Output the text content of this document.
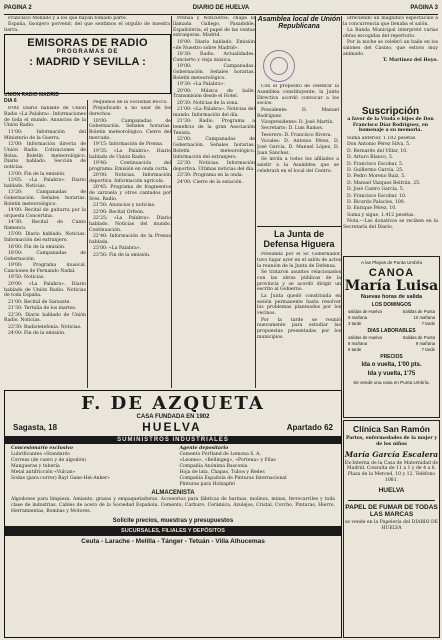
PAGINA 2	DIARIO DE HUELVA	PAGINA 3

Francisco Mellado y a los que hayan tomado parte.

España, lisonjero porvenir, del que sentimos el orgullo de nuestra tierra.

EMISORAS DE RADIO
PROGRAMAS DE
: MADRID Y SEVILLA :
UNION RADIO MADRID
DIA 6

8'00: Diario hablado de Unión Radio «La Palabra». Informaciones de toda el mundo. Anuncios de la Unión Radio.

11'00: Información del Ministerio de la Guerra.

12'00: Información directa de Unión Radio. Cotizaciones de Bolsa. Boletín meteorológico. Diario hablado. Sección de noticias.

13'00: Fin de la emisión.

13'05: «La Palabra». Diario hablado. Noticias.

13'20: Campanadas de Gobernación. Señales horarias. Boletín meteorológico.

14'00: Recital de guitarra por la orquesta Concertina.

14'30: Recital de Canto flamenco.

15'00: Diario hablado. Noticias. Información del extranjero.

16'00: Fin de la emisión.

18'00: Campanadas de Gobernación.

19'00: Programa musical. Canciones de Fernando Nadal.

19'50: Noticias.

20'00: «La Palabra». Diario hablado de Unión Radio. Noticias de toda España.

21'00: Recital de Sarasate.

21'30: Tertulia de los martes.

22'30: Diario hablado de Unión Radio. Noticias.

23'30: Radiotelefonía. Noticias.

24'00: Fin de la emisión.

Pequeños de la Sociedad Bocco.

Prejudicado a no usar de los derechos.

18'00: Campanadas de Gobernación. Señales horarias. Boletín meteorológico. Cierre del mercado.

19'15: Información de Prensa.

19'35: «La Palabra». Diario hablado de Unión Radio.

19'40: Continuación del programa. Emisión en onda corta.

20'00: Noticias. Información deportiva. Información agrícola.

20'45: Programa de fragmentos de zarzuela y otros cantados por Sres. Radio.

21'50: Anuncios y noticias.

22'00: Recital Orfeón.

22'25: «La Palabra». Diario hablado. Noticias del mundo. Continuación.

22'40: Información de la Prensa hablada.

23'00: «La Palabra».

23'50: Fin de la emisión.

Prensa y Noticieros; chapa la llamada Gallego, Pasadoble, Españoleria; el papel de las ventas extranjeras. Madrid.

18'00: Diario hablado. Emisión «de Nuestro sobre Madrid».

18'30: Radio. Actualidades. Concierto y vieja música.

19'00: Campanadas. Gobernación. Señales horarias. Boletín meteorológico.

19'30: «La Palabra».

20'00: Música de baile. Transmisión desde el Hotel.

20'30: Noticias de la zona.

21'00: «La Palabra». Noticias del mundo. Información del día.

21'30: Radio. Programa a beneficio de la gran Asociación Tenista.

22'00: Campanadas de Gobernación. Señales horarias. Boletín meteorológico. Información del extranjero.

22'30: Noticias. Información deportiva. Ultimas noticias del día.

23'30: Programa en la onda.

24'00: Cierre de la estación.

Asamblea local de Unión Republicana

Con el propósito de celebrar la Asamblea constituyente, la Junta Directiva acordó convocar a los socios.

Presidente: D. Manuel Rodríguez.

Vicepresidente: D. José Martín.

Secretario: D. Luis Ramos.

Tesorero: D. Francisco Rivera.

Vocales: D. Antonio Pérez, D. José García, D. Manuel López, D. Juan Sánchez.

Se invita a todos los afiliados a asistir a la Asamblea que se celebrará en el local del Centro.

La Junta de Defensa Higuera

Presidida por el Sr. Gobernador, tuvo lugar ayer en el salón de actos la reunión de la Junta de Defensa.

Se trataron asuntos relacionados con las obras públicas de la provincia y se acordó dirigir un escrito al Gobierno.

La Junta quedó constituida en sesión permanente hasta resolver los problemas planteados por los vecinos.

Por la tarde se reunió nuevamente para estudiar las propuestas presentadas por los municipios.

ofreciendo un magnífico espectáculo a la concurrencia que llenaba el salón.

La Banda Municipal interpretó varias obras escogidas del repertorio.

Por la noche se celebró un baile en los salones del Casino, que estuvo muy animado.

T. Martínez del Hoyo.

Suscripción
a favor de la Viuda e hijos de Don Francisco Díaz Rodríguez, en homenaje a su memoria.

Suma anterior, 1.182 pesetas.

Don Antonio Pérez Silva, 5.

D. Bernardo del Villar, 10.

D. Arturo Blanco, 5.

D. Francisco Escobar, 5.

D. Guillermo García, 25.

D. Pedro Moreno Ruiz, 5.

D. Manuel Vázquez Beltrán, 25.

D. José Castro García, 5.

D. Francisco Escobar, 10.

D. Ricardo Palacios, 100.

D. Enrique Pérez, 10.

Suma y sigue, 1.412 pesetas.

Nota.—Las donativos se reciben en la Secretaría del Diario.

A las Playas de Punta Umbría
CANOA
María Luisa
Nuevas horas de salida
LOS DOMINGOS
salidas de Huelva	Salidas de Punta
9 mañana	10 mañana
3 tarde	7 tarde
DIAS LABORABLES
salidas de Huelva	Salidas de Punta
8 mañana	9 mañana
6 tarde	7 tarde
PRECIOS
Ida o vuelta, 1'00 pts.
Ida y vuelta, 1'75
Se vende una casa en Punta Umbría.
Clínica San Ramón
Partos, enfermedades de la mujer y de los niños
María García Escalera
Ex-Interna de la Casa de Maternidad de Madrid. Consulta de 11 a 1 y de 4 a 6. Plaza de la Merced, 10 y 12, Teléfono 1081.
HUELVA
PAPEL DE FUMAR DE TODAS LAS MARCAS
se vende en la Papelería del DIARIO DE HUELVA
F. DE AZQUETA
CASA FUNDADA EN 1902
Sagasta, 18	HUELVA	Apartado 62
SUMINISTROS INDUSTRIALES
Concesionario exclusivo
Lubrificantes «Standard»
Correas (de cuero y de algodón)
Mangueras y tubería
Metal antifricción «Vulcan»
Sodas (para correr) Bayl Gane-Hel-Anker»
Agente depositario
Cemento Portland de Lemona S. A.
«Leones», «Bellingeg», «Portena» y Filas
Compañía Anónima Basconia
Hoja de lata, Chapas, Tubos y Redes
Compañía Española de Pinturas Internacional
Pinturas para Holzapfel
ALMACENISTA
Algodones para limpieza. Amianto, grasas y empaquetaduras. Accesorios para fábricas de harinas, molinos, minas, ferrocarriles y toda clase de industrias. Cables de acero de la Sociedad Española. Cemento, Carburo, Cerámica, Azulejos, Cristal, Corcho, Pinturas, Hierro, Herramientas, Bombas y Motores.
Solicite precios, muestras y presupuestos
SUCURSALES, FILIALES Y DEPÓSITOS
Ceuta - Larache - Melilla - Tánger - Tetuán - Villa Alhucemas
